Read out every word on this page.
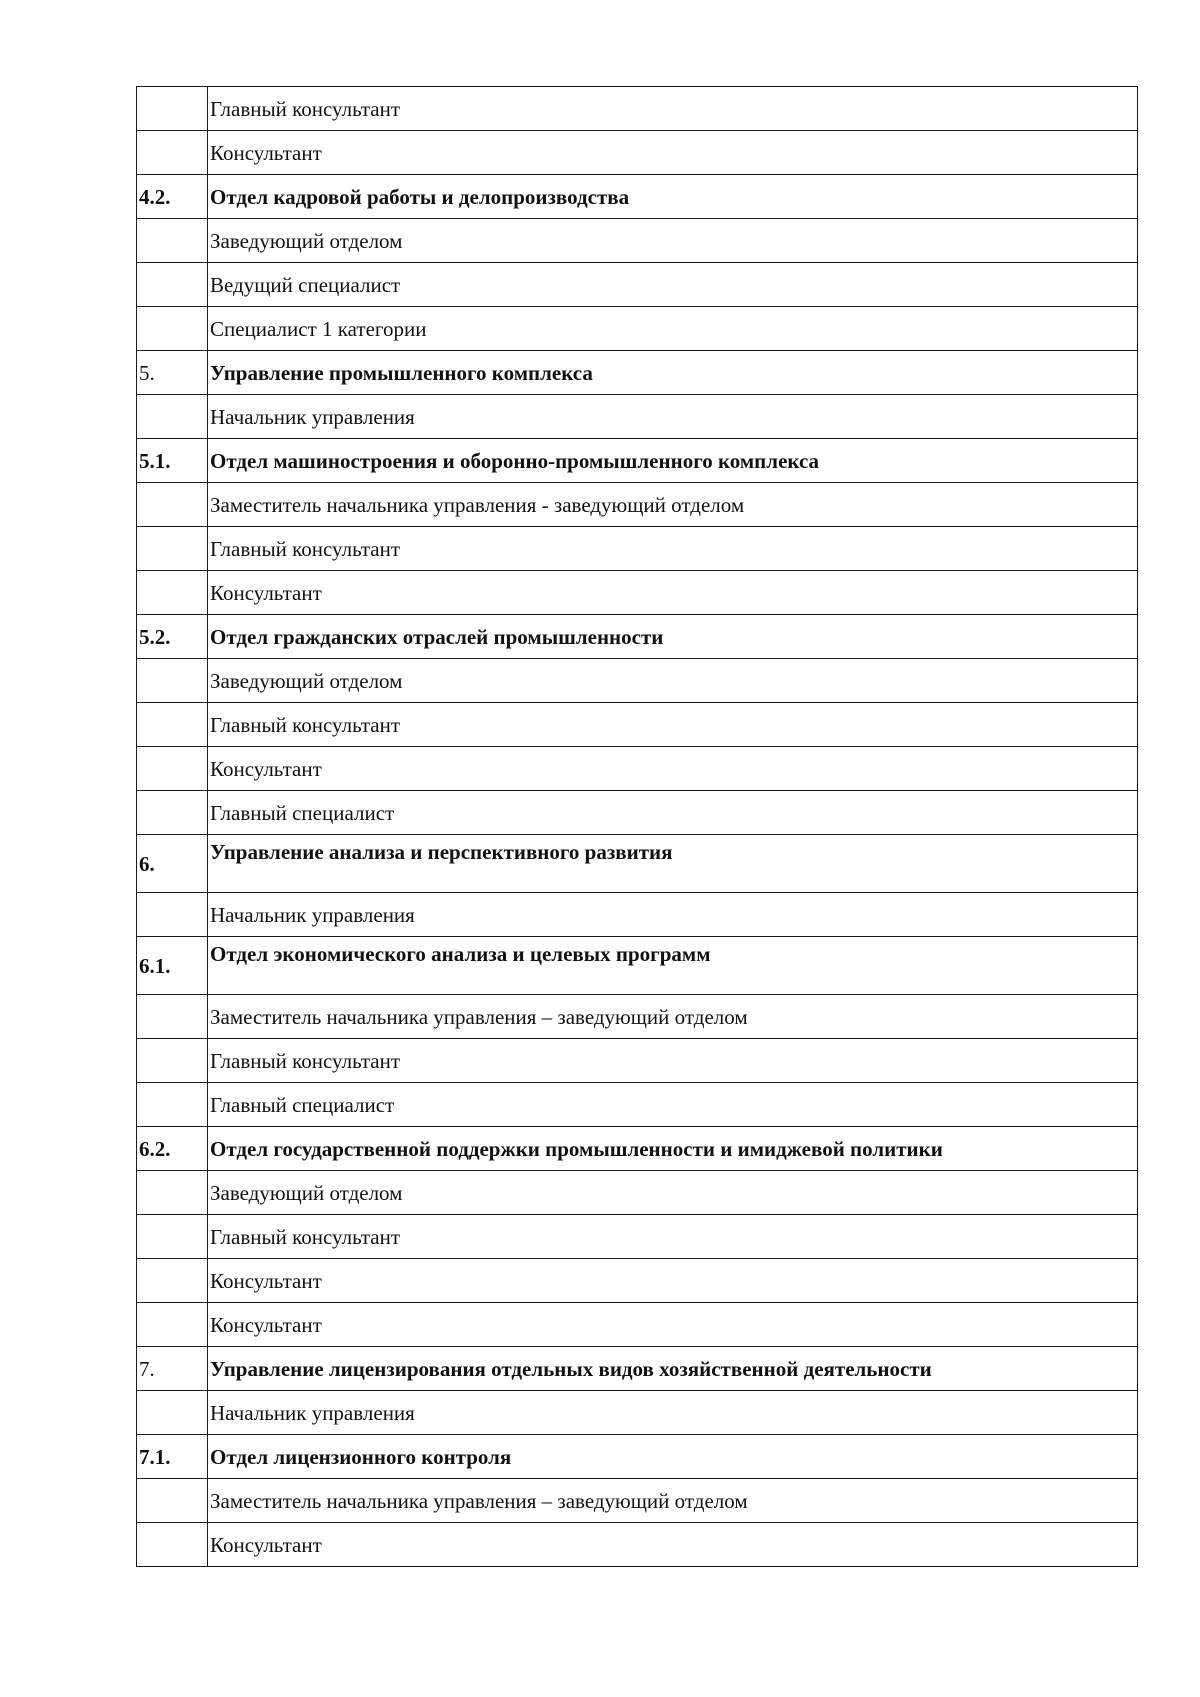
	Главный консультант
	Консультант
4.2.	Отдел кадровой работы и делопроизводства
	Заведующий отделом
	Ведущий специалист
	Специалист 1 категории
5.	Управление промышленного комплекса
	Начальник управления
5.1.	Отдел машиностроения и оборонно-промышленного комплекса
	Заместитель начальника управления - заведующий отделом
	Главный консультант
	Консультант
5.2.	Отдел гражданских отраслей промышленности
	Заведующий отделом
	Главный консультант
	Консультант
	Главный специалист
6.	Управление анализа и перспективного развития
	Начальник управления
6.1.	Отдел экономического анализа и целевых программ
	Заместитель начальника управления – заведующий отделом
	Главный консультант
	Главный специалист
6.2.	Отдел государственной поддержки промышленности и имиджевой политики
	Заведующий отделом
	Главный консультант
	Консультант
	Консультант
7.	Управление лицензирования отдельных видов хозяйственной деятельности
	Начальник управления
7.1.	Отдел лицензионного контроля
	Заместитель начальника управления – заведующий отделом
	Консультант
